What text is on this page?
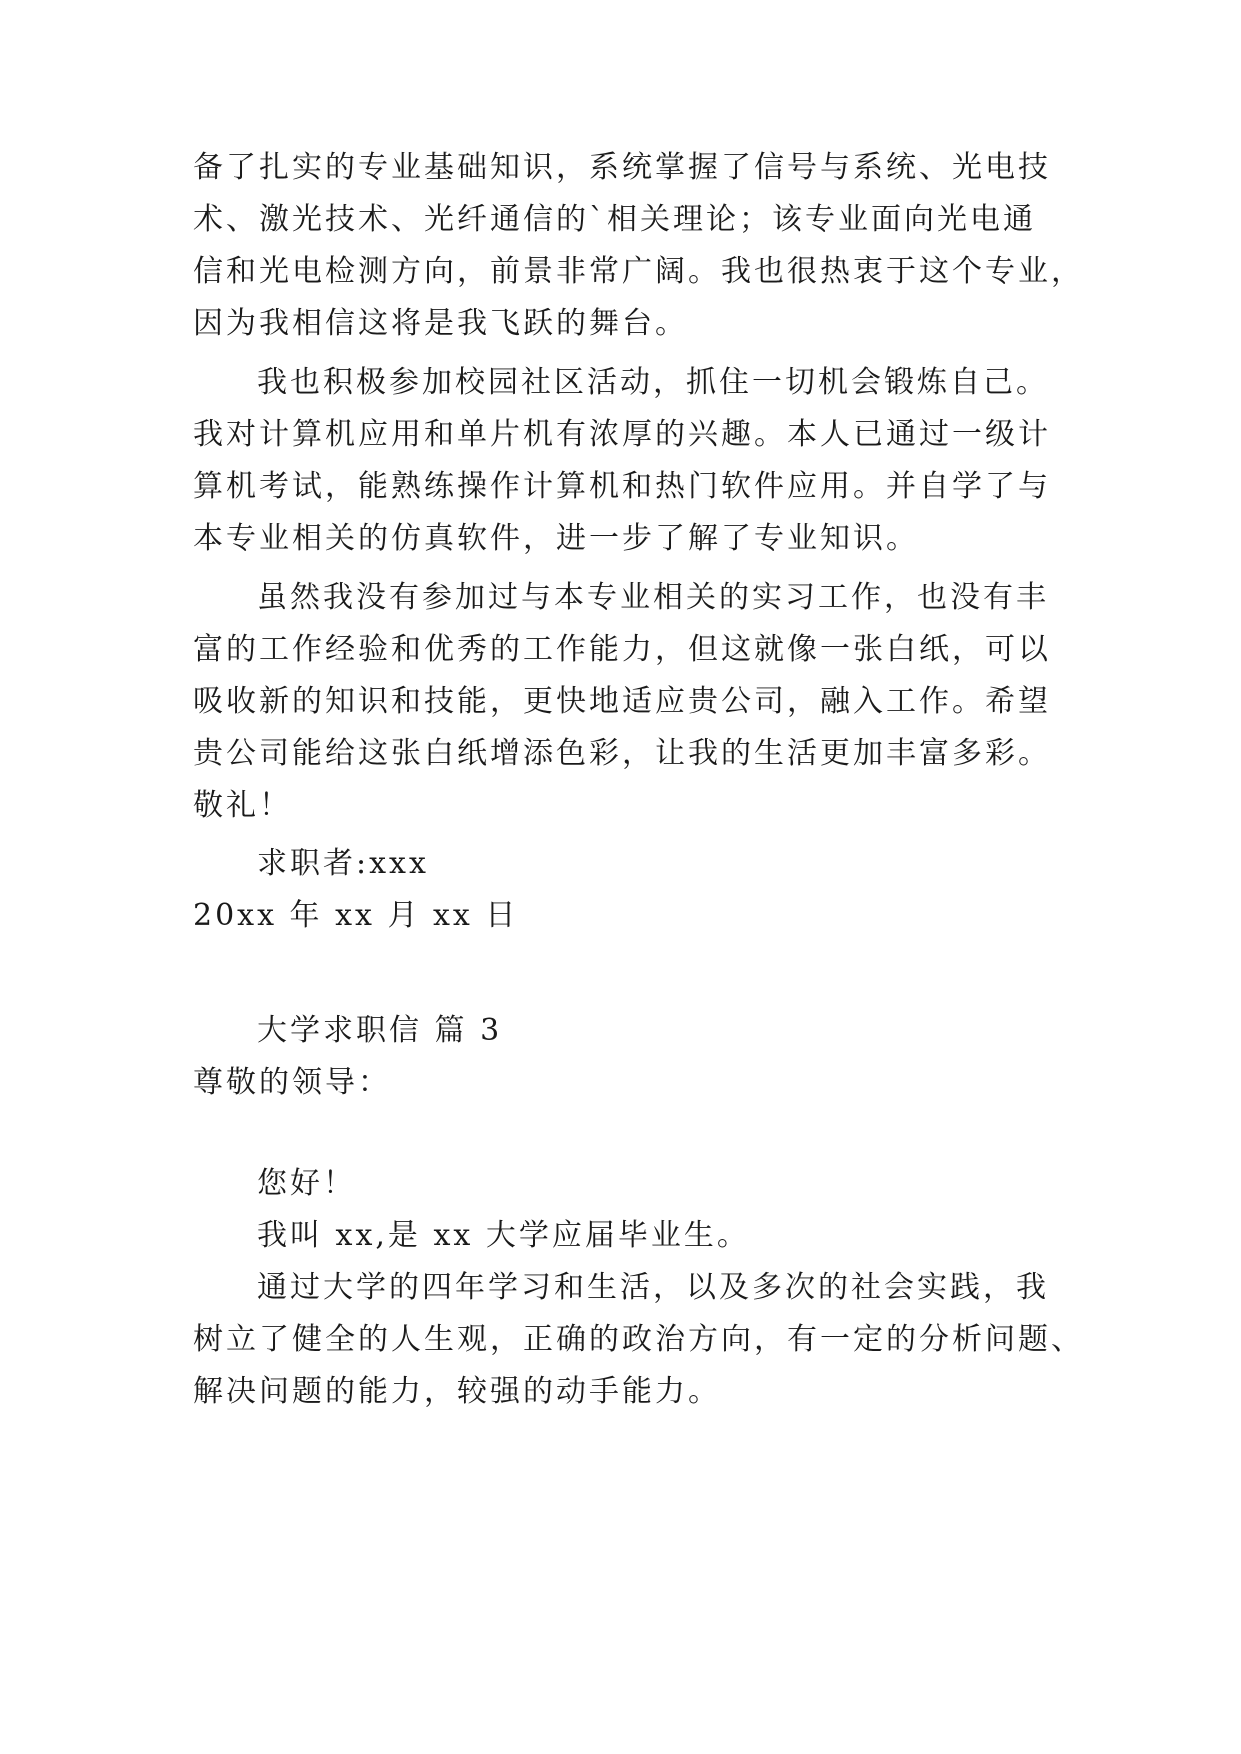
备了扎实的专业基础知识，系统掌握了信号与系统、光电技
术、激光技术、光纤通信的`相关理论；该专业面向光电通
信和光电检测方向，前景非常广阔。我也很热衷于这个专业，
因为我相信这将是我飞跃的舞台。
我也积极参加校园社区活动，抓住一切机会锻炼自己。
我对计算机应用和单片机有浓厚的兴趣。本人已通过一级计
算机考试，能熟练操作计算机和热门软件应用。并自学了与
本专业相关的仿真软件，进一步了解了专业知识。
虽然我没有参加过与本专业相关的实习工作，也没有丰
富的工作经验和优秀的工作能力，但这就像一张白纸，可以
吸收新的知识和技能，更快地适应贵公司，融入工作。希望
贵公司能给这张白纸增添色彩，让我的生活更加丰富多彩。
敬礼！
求职者:xxx
20xx 年 xx 月 xx 日
大学求职信 篇 3
尊敬的领导：
您好！
我叫 xx,是 xx 大学应届毕业生。
通过大学的四年学习和生活，以及多次的社会实践，我
树立了健全的人生观，正确的政治方向，有一定的分析问题、
解决问题的能力，较强的动手能力。
